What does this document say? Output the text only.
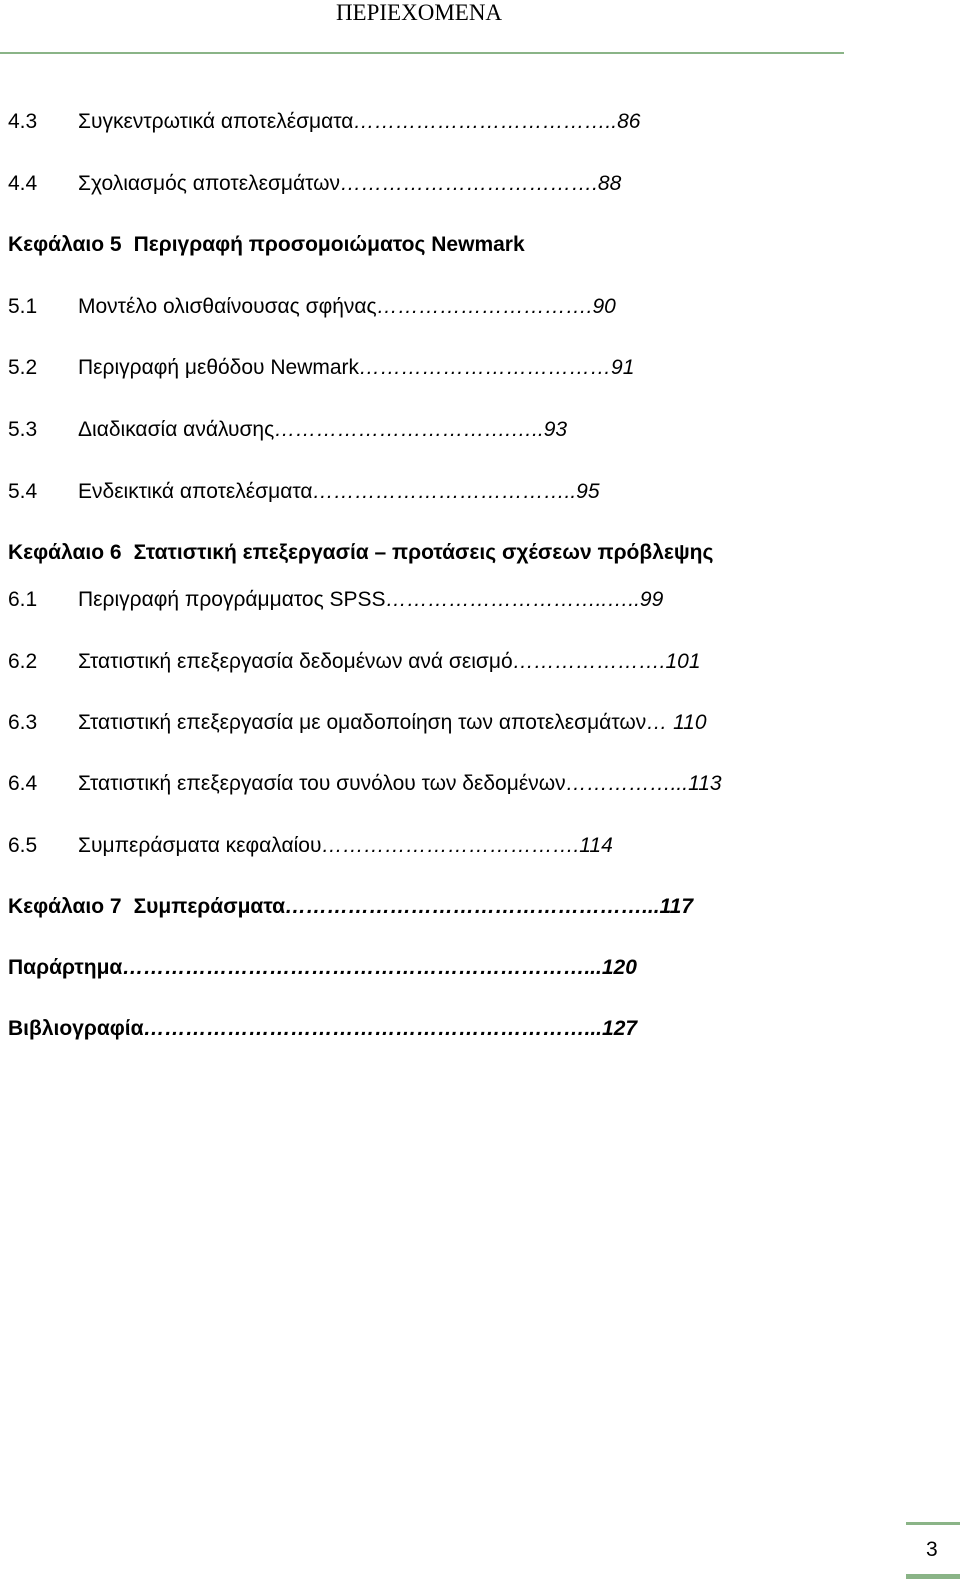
ΠΕΡΙΕΧΟΜΕΝΑ
4.3 Συγκεντρωτικά αποτελέσματα………………………………..86
4.4 Σχολιασμός αποτελεσμάτων……………………………….88
Κεφάλαιο 5 Περιγραφή προσομοιώματος Newmark
5.1 Μοντέλο ολισθαίνουσας σφήνας………………………….90
5.2 Περιγραφή μεθόδου Newmark………………………………91
5.3 Διαδικασία ανάλυσης…………………………….…..93
5.4 Ενδεικτικά αποτελέσματα………………………………..95
Κεφάλαιο 6 Στατιστική επεξεργασία – προτάσεις σχέσεων πρόβλεψης
6.1 Περιγραφή προγράμματος SPSS…………………………..…..99
6.2 Στατιστική επεξεργασία δεδομένων ανά σεισμό………………….101
6.3 Στατιστική επεξεργασία με ομαδοποίηση των αποτελεσμάτων… 110
6.4 Στατιστική επεξεργασία του συνόλου των δεδομένων……………...113
6.5 Συμπεράσματα κεφαλαίου……………………………….114
Κεφάλαιο 7 Συμπεράσματα……………………………………………...117
Παράρτημα…………………………………………………………...120
Βιβλιογραφία………………………………………………………...127
3
